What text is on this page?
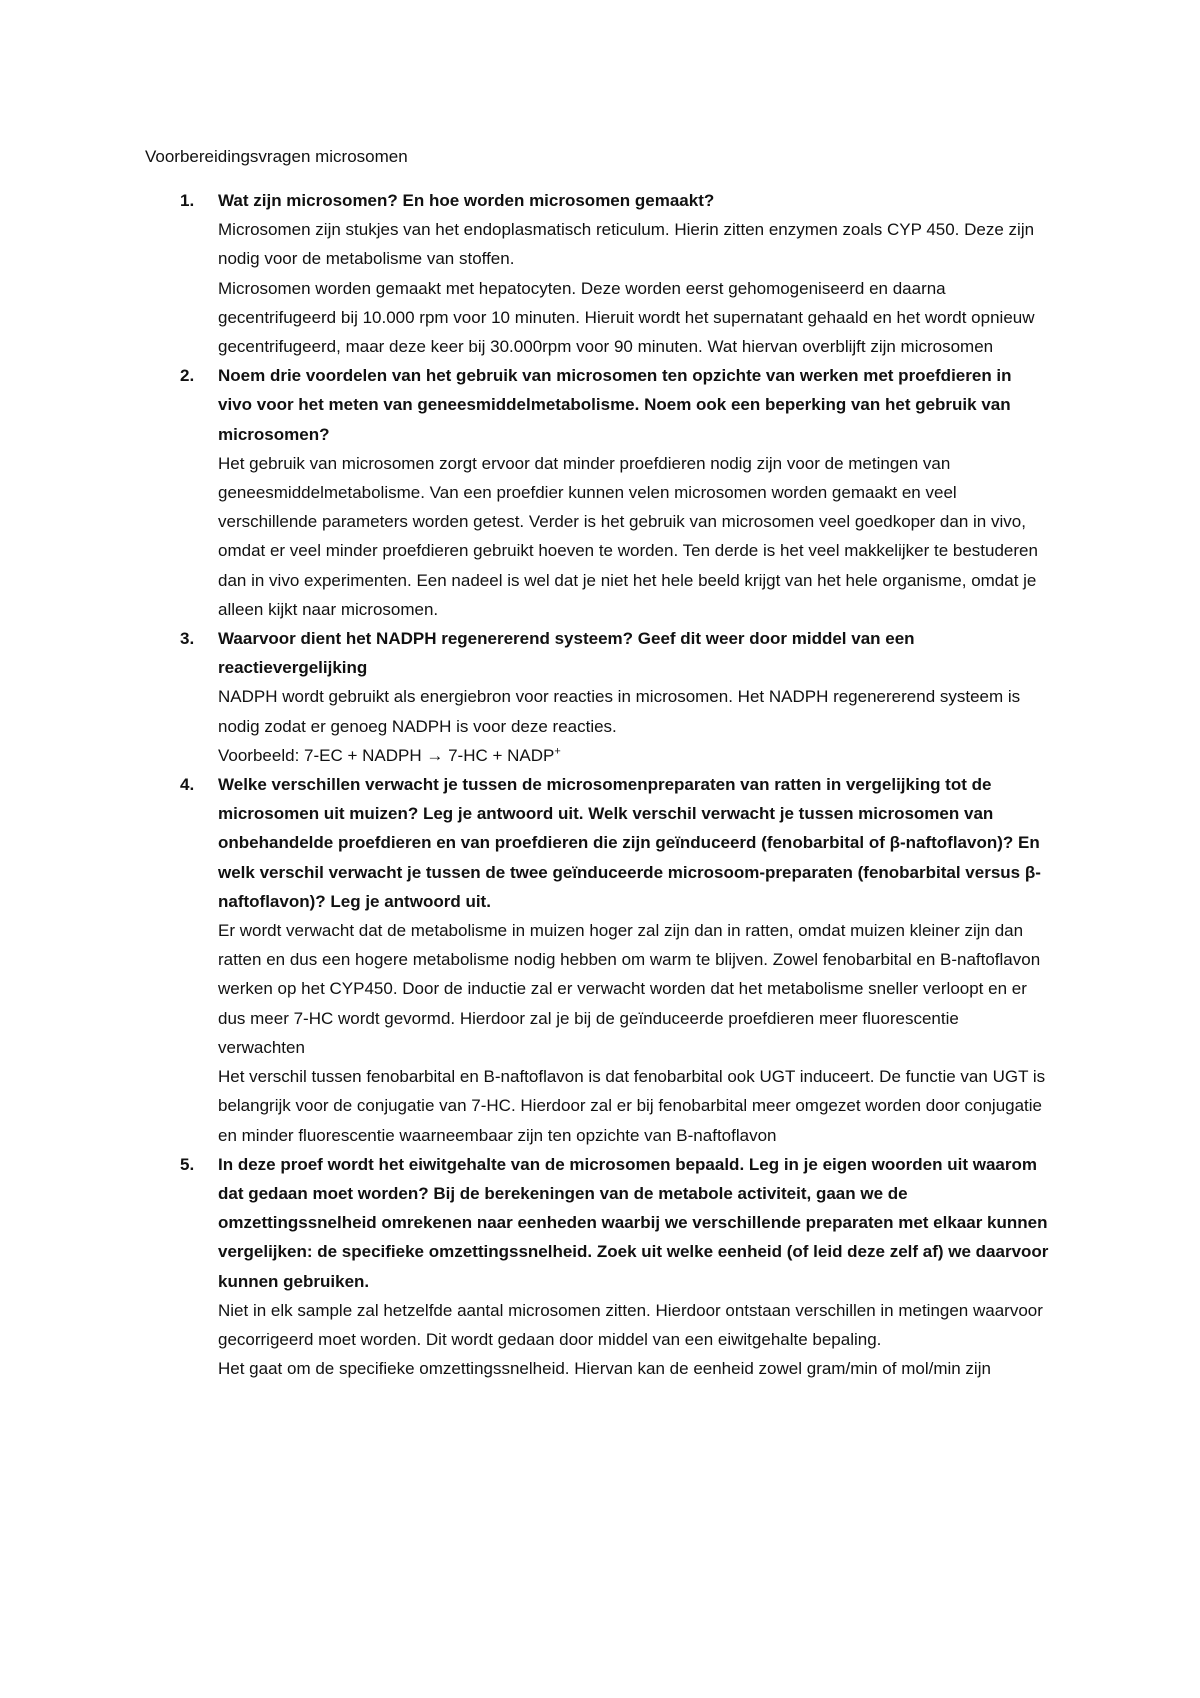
Voorbereidingsvragen microsomen
1. Wat zijn microsomen? En hoe worden microsomen gemaakt?

Microsomen zijn stukjes van het endoplasmatisch reticulum. Hierin zitten enzymen zoals CYP 450. Deze zijn nodig voor de metabolisme van stoffen.

Microsomen worden gemaakt met hepatocyten. Deze worden eerst gehomogeniseerd en daarna gecentrifugeerd bij 10.000 rpm voor 10 minuten. Hieruit wordt het supernatant gehaald en het wordt opnieuw gecentrifugeerd, maar deze keer bij 30.000rpm voor 90 minuten. Wat hiervan overblijft zijn microsomen

2. Noem drie voordelen van het gebruik van microsomen ten opzichte van werken met proefdieren in vivo voor het meten van geneesmiddelmetabolisme. Noem ook een beperking van het gebruik van microsomen?

Het gebruik van microsomen zorgt ervoor dat minder proefdieren nodig zijn voor de metingen van geneesmiddelmetabolisme. Van een proefdier kunnen velen microsomen worden gemaakt en veel verschillende parameters worden getest. Verder is het gebruik van microsomen veel goedkoper dan in vivo, omdat er veel minder proefdieren gebruikt hoeven te worden. Ten derde is het veel makkelijker te bestuderen dan in vivo experimenten. Een nadeel is wel dat je niet het hele beeld krijgt van het hele organisme, omdat je alleen kijkt naar microsomen.

3. Waarvoor dient het NADPH regenererend systeem? Geef dit weer door middel van een reactievergelijking

NADPH wordt gebruikt als energiebron voor reacties in microsomen. Het NADPH regenererend systeem is nodig zodat er genoeg NADPH is voor deze reacties.

Voorbeeld: 7-EC + NADPH → 7-HC + NADP+

4. Welke verschillen verwacht je tussen de microsomenpreparaten van ratten in vergelijking tot de microsomen uit muizen? Leg je antwoord uit. Welk verschil verwacht je tussen microsomen van onbehandelde proefdieren en van proefdieren die zijn geïnduceerd (fenobarbital of β-naftoflavon)? En welk verschil verwacht je tussen de twee geïnduceerde microsoom-preparaten (fenobarbital versus β-naftoflavon)? Leg je antwoord uit.

Er wordt verwacht dat de metabolisme in muizen hoger zal zijn dan in ratten, omdat muizen kleiner zijn dan ratten en dus een hogere metabolisme nodig hebben om warm te blijven. Zowel fenobarbital en B-naftoflavon werken op het CYP450. Door de inductie zal er verwacht worden dat het metabolisme sneller verloopt en er dus meer 7-HC wordt gevormd. Hierdoor zal je bij de geïnduceerde proefdieren meer fluorescentie verwachten

Het verschil tussen fenobarbital en B-naftoflavon is dat fenobarbital ook UGT induceert. De functie van UGT is belangrijk voor de conjugatie van 7-HC. Hierdoor zal er bij fenobarbital meer omgezet worden door conjugatie en minder fluorescentie waarneembaar zijn ten opzichte van B-naftoflavon

5. In deze proef wordt het eiwitgehalte van de microsomen bepaald. Leg in je eigen woorden uit waarom dat gedaan moet worden? Bij de berekeningen van de metabole activiteit, gaan we de omzettingssnelheid omrekenen naar eenheden waarbij we verschillende preparaten met elkaar kunnen vergelijken: de specifieke omzettingssnelheid. Zoek uit welke eenheid (of leid deze zelf af) we daarvoor kunnen gebruiken.

Niet in elk sample zal hetzelfde aantal microsomen zitten. Hierdoor ontstaan verschillen in metingen waarvoor gecorrigeerd moet worden. Dit wordt gedaan door middel van een eiwitgehalte bepaling.

Het gaat om de specifieke omzettingssnelheid. Hiervan kan de eenheid zowel gram/min of mol/min zijn
